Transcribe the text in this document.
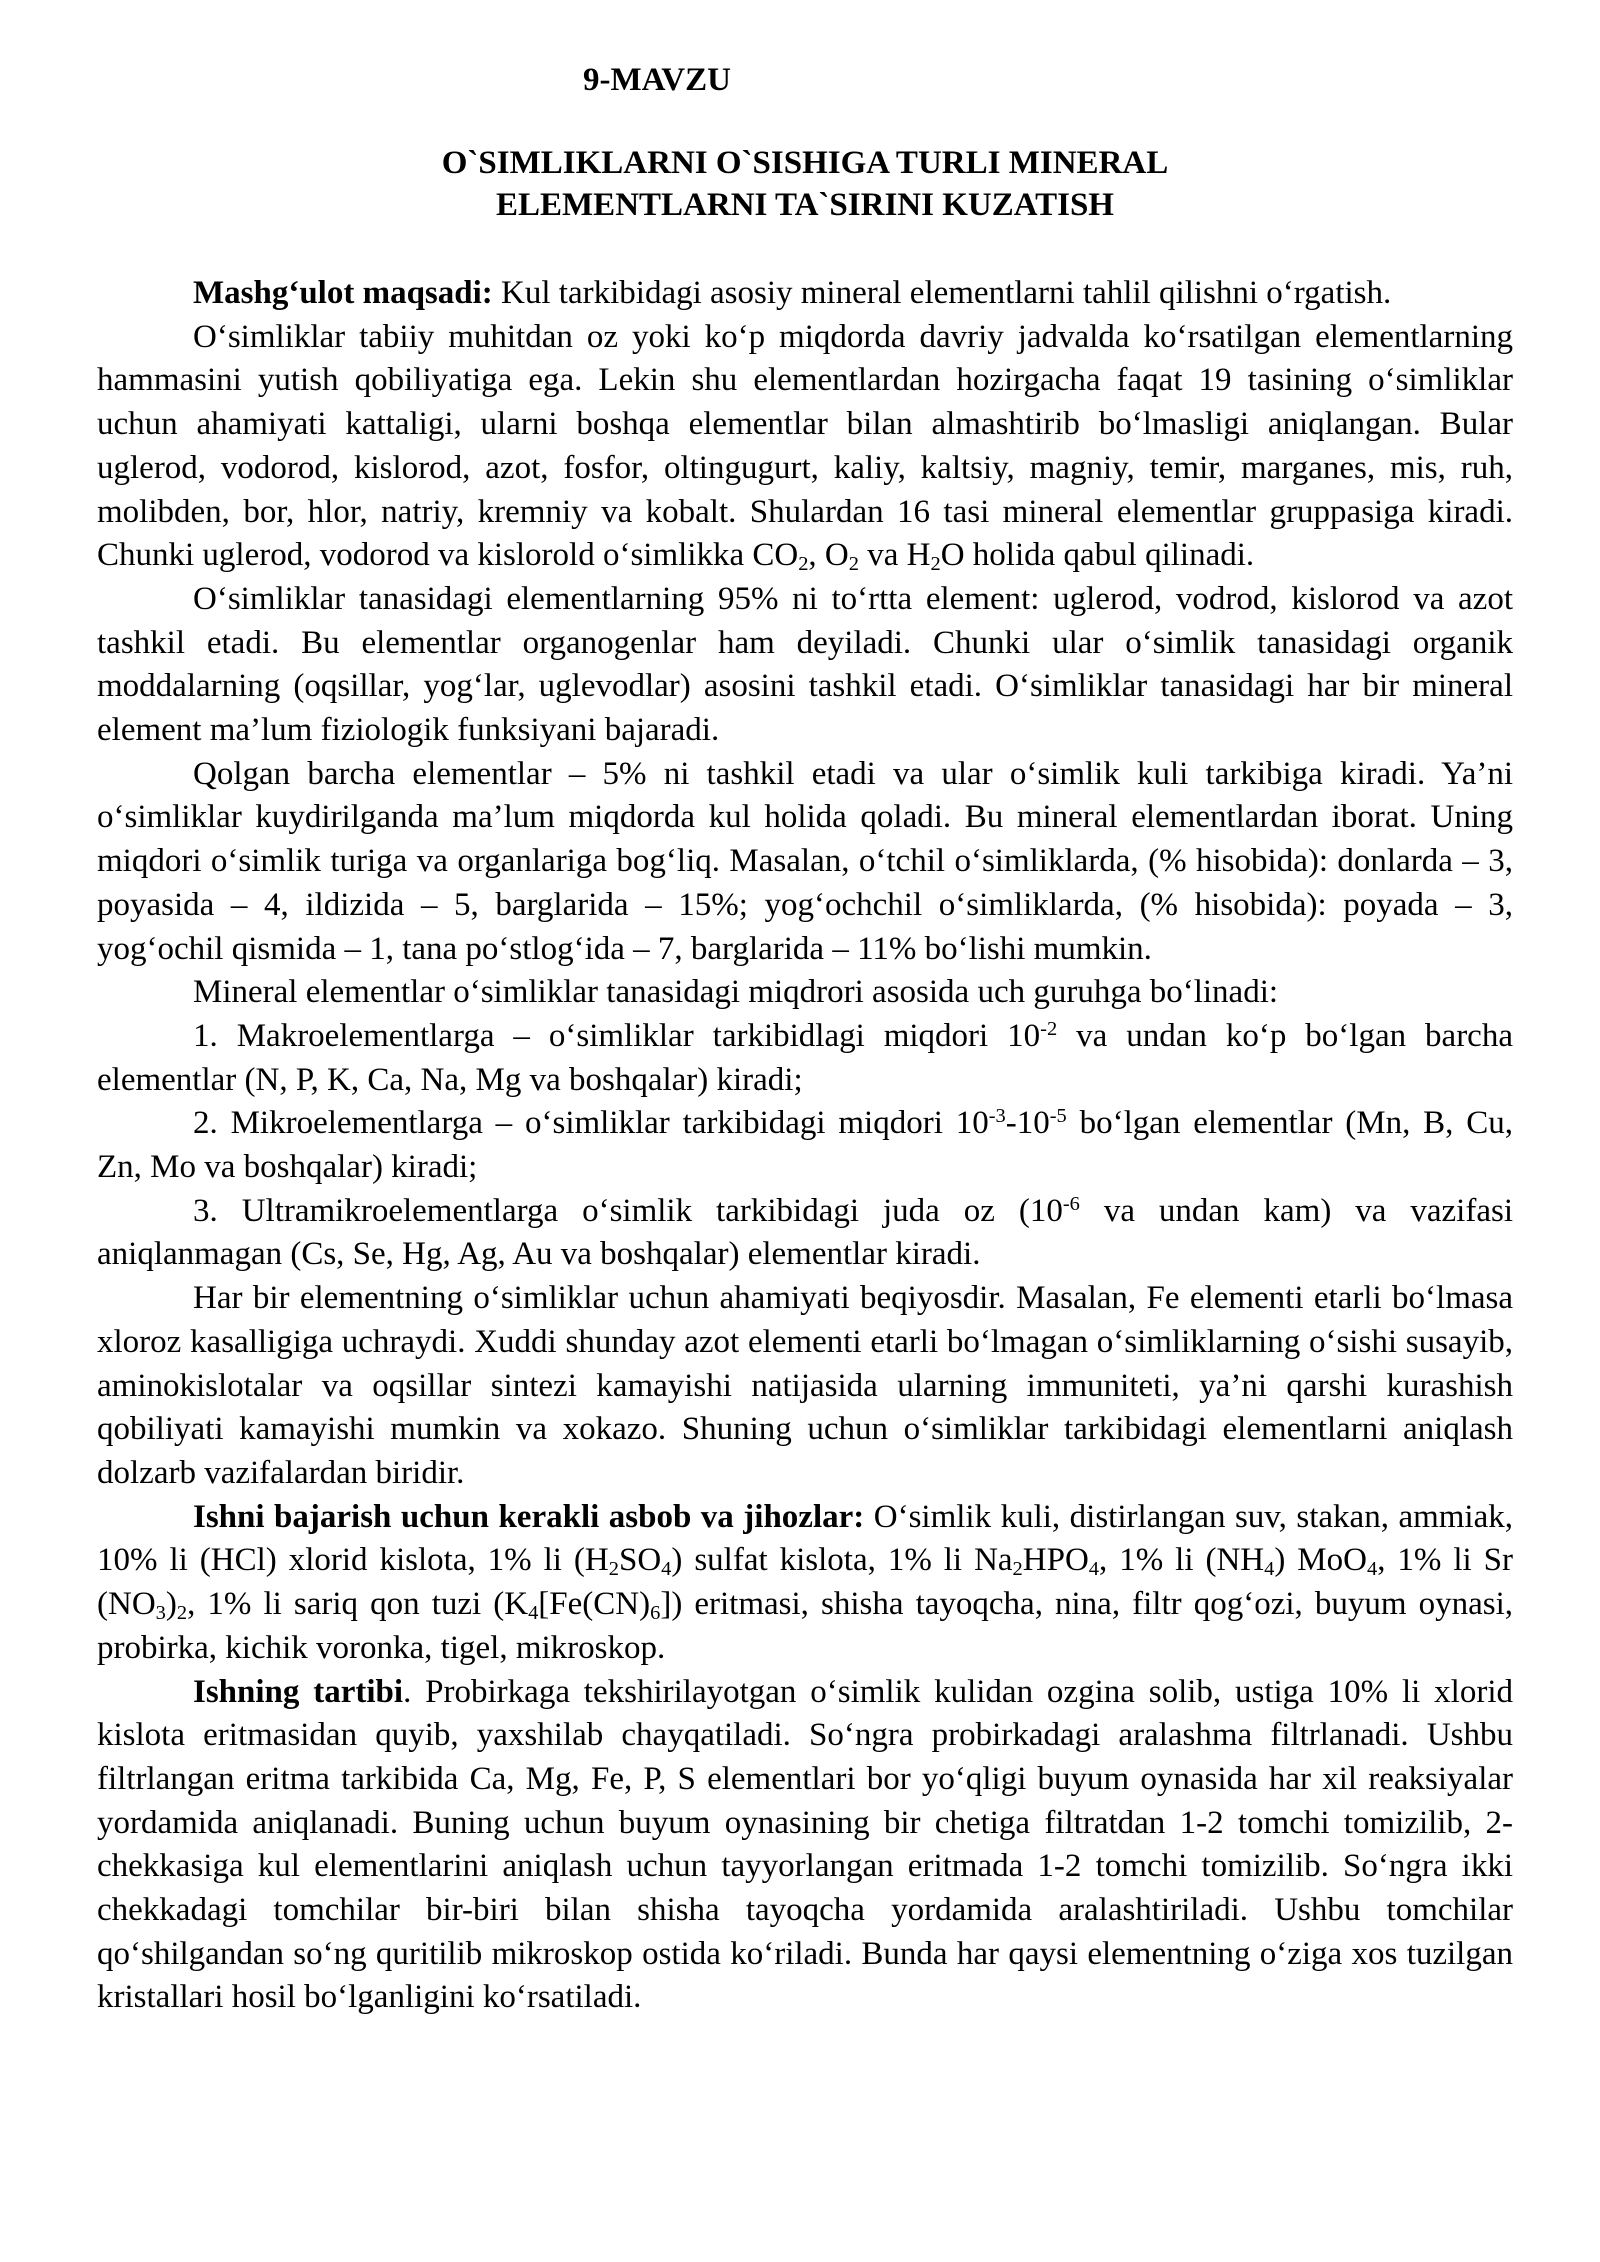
9-MAVZU
O`SIMLIKLARNI O`SISHIGA TURLI MINERAL
ELEMENTLARNI TA`SIRINI KUZATISH

Mashg‘ulot maqsadi: Kul tarkibidagi asosiy mineral elementlarni tahlil qilishni o‘rgatish.

O‘simliklar tabiiy muhitdan oz yoki ko‘p miqdorda davriy jadvalda ko‘rsatilgan elementlarning hammasini yutish qobiliyatiga ega. Lekin shu elementlardan hozirgacha faqat 19 tasining o‘simliklar uchun ahamiyati kattaligi, ularni boshqa elementlar bilan almashtirib bo‘lmasligi aniqlangan. Bular uglerod, vodorod, kislorod, azot, fosfor, oltingugurt, kaliy, kaltsiy, magniy, temir, marganes, mis, ruh, molibden, bor, hlor, natriy, kremniy va kobalt. Shulardan 16 tasi mineral elementlar gruppasiga kiradi. Chunki uglerod, vodorod va kislorold o‘simlikka $CO_2$, $O_2$ va $H_2O$ holida qabul qilinadi.

O‘simliklar tanasidagi elementlarning 95% ni to‘rtta element: uglerod, vodrod, kislorod va azot tashkil etadi. Bu elementlar organogenlar ham deyiladi. Chunki ular o‘simlik tanasidagi organik moddalarning (oqsillar, yog‘lar, uglevodlar) asosini tashkil etadi. O‘simliklar tanasidagi har bir mineral element ma’lum fiziologik funksiyani bajaradi.

Qolgan barcha elementlar – 5% ni tashkil etadi va ular o‘simlik kuli tarkibiga kiradi. Ya’ni o‘simliklar kuydirilganda ma’lum miqdorda kul holida qoladi. Bu mineral elementlardan iborat. Uning miqdori o‘simlik turiga va organlariga bog‘liq. Masalan, o‘tchil o‘simliklarda, (% hisobida): donlarda – 3, poyasida – 4, ildizida – 5, barglarida – 15%; yog‘ochchil o‘simliklarda, (% hisobida): poyada – 3, yog‘ochil qismida – 1, tana po‘stlog‘ida – 7, barglarida – 11% bo‘lishi mumkin.

Mineral elementlar o‘simliklar tanasidagi miqdrori asosida uch guruhga bo‘linadi:

1. Makroelementlarga – o‘simliklar tarkibidlagi miqdori $10^{-2}$ va undan ko‘p bo‘lgan barcha elementlar (N, P, K, Ca, Na, Mg va boshqalar) kiradi;

2. Mikroelementlarga – o‘simliklar tarkibidagi miqdori $10^{-3}-10^{-5}$ bo‘lgan elementlar (Mn, B, Cu, Zn, Mo va boshqalar) kiradi;

3. Ultramikroelementlarga o‘simlik tarkibidagi juda oz ($10^{-6}$ va undan kam) va vazifasi aniqlanmagan (Cs, Se, Hg, Ag, Au va boshqalar) elementlar kiradi.

Har bir elementning o‘simliklar uchun ahamiyati beqiyosdir. Masalan, Fe elementi etarli bo‘lmasa xloroz kasalligiga uchraydi. Xuddi shunday azot elementi etarli bo‘lmagan o‘simliklarning o‘sishi susayib, aminokislotalar va oqsillar sintezi kamayishi natijasida ularning immuniteti, ya’ni qarshi kurashish qobiliyati kamayishi mumkin va xokazo. Shuning uchun o‘simliklar tarkibidagi elementlarni aniqlash dolzarb vazifalardan biridir.

Ishni bajarish uchun kerakli asbob va jihozlar: O‘simlik kuli, distirlangan suv, stakan, ammiak, 10% li (HCl) xlorid kislota, 1% li $(H_2SO_4)$ sulfat kislota, 1% li $Na_2HPO_4$, 1% li $(NH_4)$ MoO$_4$, 1% li Sr $(NO_3)_2$, 1% li sariq qon tuzi $(K_4[Fe(CN)_6])$ eritmasi, shisha tayoqcha, nina, filtr qog‘ozi, buyum oynasi, probirka, kichik voronka, tigel, mikroskop.

Ishning tartibi. Probirkaga tekshirilayotgan o‘simlik kulidan ozgina solib, ustiga 10% li xlorid kislota eritmasidan quyib, yaxshilab chayqatiladi. So‘ngra probirkadagi aralashma filtrlanadi. Ushbu filtrlangan eritma tarkibida Ca, Mg, Fe, P, S elementlari bor yo‘qligi buyum oynasida har xil reaksiyalar yordamida aniqlanadi. Buning uchun buyum oynasining bir chetiga filtratdan 1-2 tomchi tomizilib, 2-chekkasiga kul elementlarini aniqlash uchun tayyorlangan eritmada 1-2 tomchi tomizilib. So‘ngra ikki chekkadagi tomchilar bir-biri bilan shisha tayoqcha yordamida aralashtiriladi. Ushbu tomchilar qo‘shilgandan so‘ng quritilib mikroskop ostida ko‘riladi. Bunda har qaysi elementning o‘ziga xos tuzilgan kristallari hosil bo‘lganligini ko‘rsatiladi.
